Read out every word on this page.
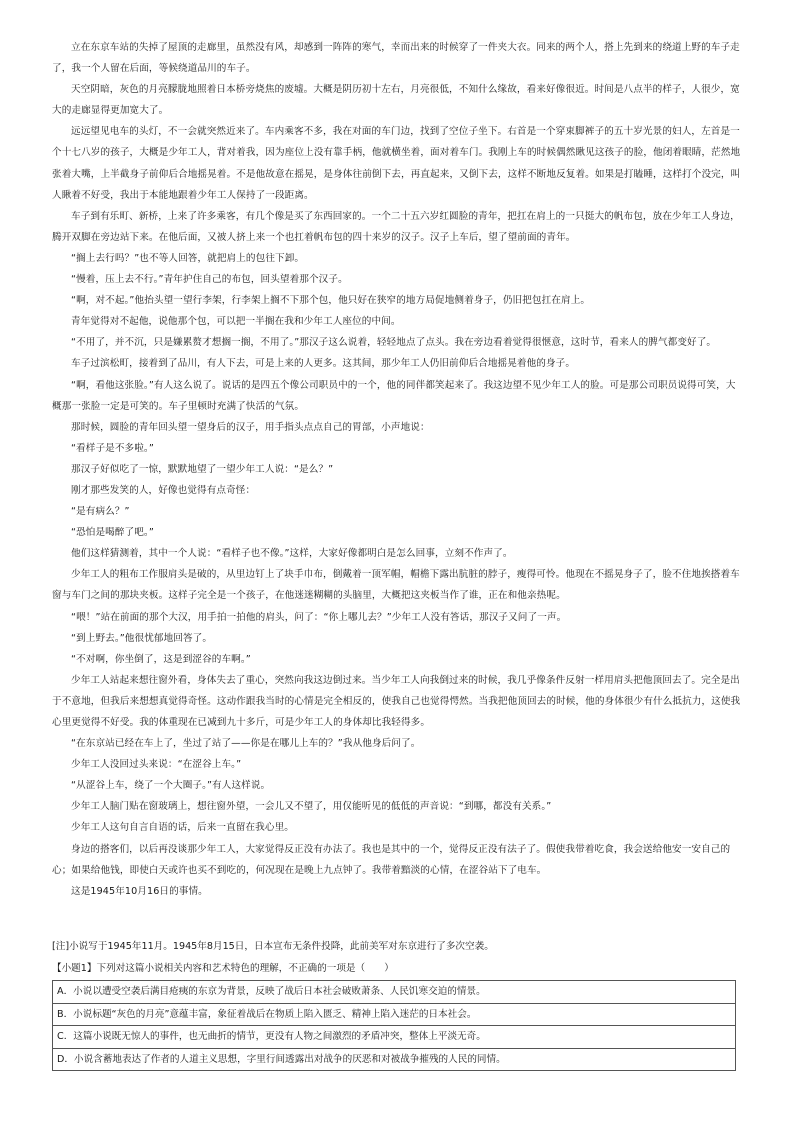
立在东京车站的失掉了屋顶的走廊里，虽然没有风，却感到一阵阵的寒气，幸而出来的时候穿了一件夹大衣。同来的两个人，搭上先到来的绕道上野的车子走了，我一个人留在后面，等候绕道品川的车子。

天空阴暗，灰色的月亮朦胧地照着日本桥旁烧焦的废墟。大概是阴历初十左右，月亮很低，不知什么缘故，看来好像很近。时间是八点半的样子，人很少，宽大的走廊显得更加宽大了。

远远望见电车的头灯，不一会就突然近来了。车内乘客不多，我在对面的车门边，找到了空位子坐下。右首是一个穿束脚裤子的五十岁光景的妇人，左首是一个十七八岁的孩子，大概是少年工人，背对着我，因为座位上没有靠手柄，他就横坐着，面对着车门。我刚上车的时候偶然瞅见这孩子的脸，他闭着眼睛，茫然地张着大嘴，上半截身子前仰后合地摇晃着。不是他故意在摇晃，是身体往前倒下去，再直起来，又倒下去，这样不断地反复着。如果是打瞌睡，这样打个没完，叫人瞅着不好受，我出于本能地跟着少年工人保持了一段距离。

车子到有乐町、新桥，上来了许多乘客，有几个像是买了东西回家的。一个二十五六岁红圆脸的青年，把扛在肩上的一只挺大的帆布包，放在少年工人身边，腾开双脚在旁边站下来。在他后面，又被人挤上来一个也扛着帆布包的四十来岁的汉子。汉子上车后，望了望前面的青年。

“搁上去行吗？”也不等人回答，就把肩上的包往下卸。

“慢着，压上去不行。”青年护住自己的布包，回头望着那个汉子。

“啊，对不起。”他抬头望一望行李架，行李架上搁不下那个包，他只好在狭窄的地方局促地侧着身子，仍旧把包扛在肩上。

青年觉得对不起他，说他那个包，可以把一半搁在我和少年工人座位的中间。

“不用了，并不沉，只是嫌累赘才想搁一搁，不用了。”那汉子这么说着，轻轻地点了点头。我在旁边看着觉得很惬意，这时节，看来人的脾气都变好了。

车子过滨松町，接着到了品川，有人下去，可是上来的人更多。这其间，那少年工人仍旧前仰后合地摇晃着他的身子。

“啊，看他这张脸。”有人这么说了。说话的是四五个像公司职员中的一个，他的同伴都笑起来了。我这边望不见少年工人的脸。可是那公司职员说得可笑，大概那一张脸一定是可笑的。车子里顿时充满了快活的气氛。

那时候，圆脸的青年回头望一望身后的汉子，用手指头点点自己的胃部，小声地说：

“看样子是不多啦。”

那汉子好似吃了一惊，默默地望了一望少年工人说：“是么？”

刚才那些发笑的人，好像也觉得有点奇怪：

“是有病么？”

“恐怕是喝醉了吧。”

他们这样猜测着，其中一个人说：“看样子也不像。”这样，大家好像都明白是怎么回事，立刻不作声了。

少年工人的粗布工作服肩头是破的，从里边钉上了块手巾布，倒戴着一顶军帽，帽檐下露出肮脏的脖子，瘦得可怜。他现在不摇晃身子了，脸不住地挨搭着车窗与车门之间的那块夹板。这样子完全是一个孩子，在他迷迷糊糊的头脑里，大概把这夹板当作了谁，正在和他亲热呢。

“喂！”站在前面的那个大汉，用手拍一拍他的肩头，问了：“你上哪儿去？”少年工人没有答话，那汉子又问了一声。

“到上野去。”他很忧郁地回答了。

“不对啊，你坐倒了，这是到涩谷的车啊。”

少年工人站起来想往窗外看，身体失去了重心，突然向我这边倒过来。当少年工人向我倒过来的时候，我几乎像条件反射一样用肩头把他顶回去了。完全是出于不意地，但我后来想想真觉得奇怪。这动作跟我当时的心情是完全相反的，使我自己也觉得愕然。当我把他顶回去的时候，他的身体很少有什么抵抗力，这使我心里更觉得不好受。我的体重现在已减到九十多斤，可是少年工人的身体却比我轻得多。

“在东京站已经在车上了，坐过了站了——你是在哪儿上车的？”我从他身后问了。

少年工人没回过头来说：“在涩谷上车。”

“从涩谷上车，绕了一个大圈子。”有人这样说。

少年工人脑门贴在窗玻璃上，想往窗外望，一会儿又不望了，用仅能听见的低低的声音说：“到哪，都没有关系。”

少年工人这句自言自语的话，后来一直留在我心里。

身边的搭客们，以后再没谈那少年工人，大家觉得反正没有办法了。我也是其中的一个，觉得反正没有法子了。假使我带着吃食，我会送给他安一安自己的心；如果给他钱，即使白天或许也买不到吃的，何况现在是晚上九点钟了。我带着黯淡的心情，在涩谷站下了电车。

这是1945年10月16日的事情。

[注]小说写于1945年11月。1945年8月15日，日本宣布无条件投降，此前美军对东京进行了多次空袭。
【小题1】下列对这篇小说相关内容和艺术特色的理解，不正确的一项是（　　）
A．小说以遭受空袭后满目疮痍的东京为背景，反映了战后日本社会破败萧条、人民饥寒交迫的情景。
B．小说标题“灰色的月亮”意蕴丰富，象征着战后在物质上陷入匮乏、精神上陷入迷茫的日本社会。
C．这篇小说既无惊人的事件，也无曲折的情节，更没有人物之间激烈的矛盾冲突，整体上平淡无奇。
D．小说含蓄地表达了作者的人道主义思想，字里行间透露出对战争的厌恶和对被战争摧残的人民的同情。
